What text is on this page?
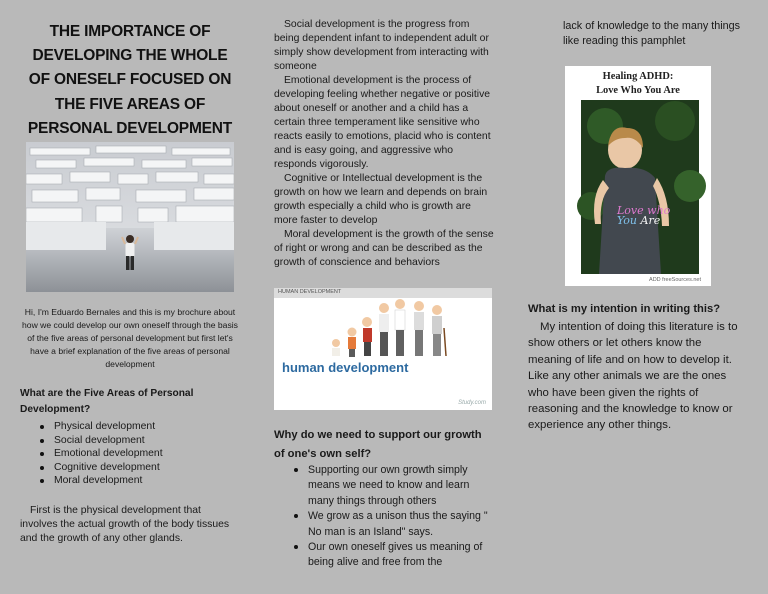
THE IMPORTANCE OF DEVELOPING THE WHOLE OF ONESELF FOCUSED ON THE FIVE AREAS OF PERSONAL DEVELOPMENT
Hi, I'm Eduardo Bernales and this is my brochure about how we could develop our own oneself through the basis of the five areas of personal development but first let's have a brief explanation of the five areas of personal development
What are the Five Areas of Personal Development?
Physical development
Social development
Emotional development
Cognitive development
Moral development

First is the physical development that involves the actual growth of the body tissues and the growth of any other glands.

Social development is the progress from being dependent infant to independent adult or simply show development from interacting with someone

Emotional development is the process of developing feeling whether negative or positive about oneself or another and a child has a certain three temperament like sensitive who reacts easily to emotions, placid who is content and is easy going, and aggressive who responds vigorously.

Cognitive or Intellectual development is the growth on how we learn and depends on brain growth especially a child who is growth are more faster to develop

Moral development is the growth of the sense of right or wrong and can be described as the growth of conscience and behaviors

HUMAN DEVELOPMENT
human development
Study.com
Why do we need to support our growth of one's own self?
Supporting our own growth simply means we need to know and learn many things through others
We grow as a unison thus the saying " No man is an Island" says.
Our own oneself gives us meaning of being alive and free from the
lack of knowledge to the many things like reading this pamphlet
Healing ADHD:
Love Who You Are
Love who
You Are
ADD freeSources.net
What is my intention in writing this?

My intention of doing this literature is to show others or let others know the meaning of life and on how to develop it. Like any other animals we are the ones who have been given the rights of reasoning and the knowledge to know or experience any other things.
